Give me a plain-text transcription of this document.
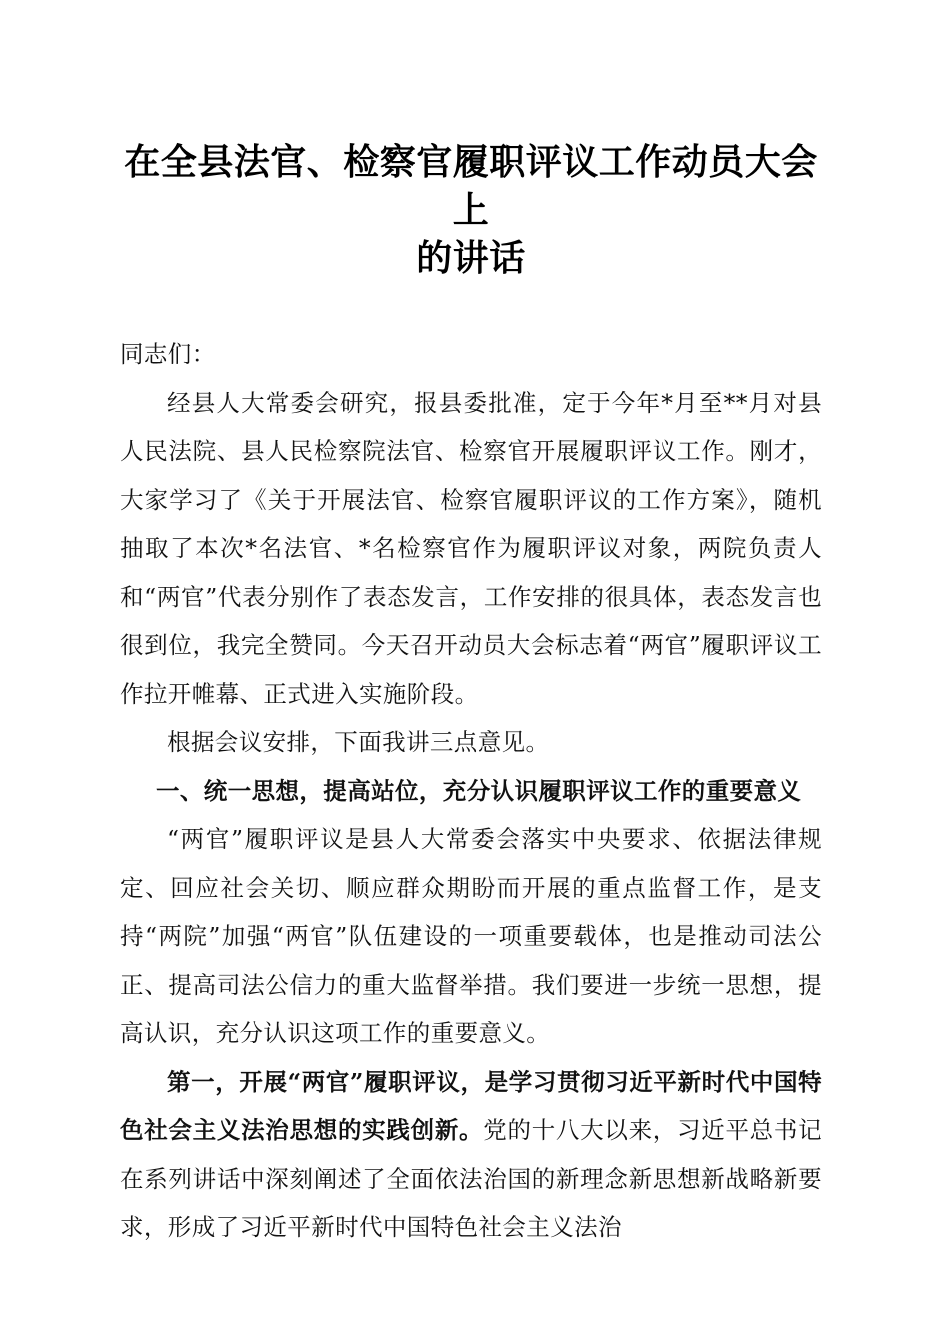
在全县法官、检察官履职评议工作动员大会上
的讲话

同志们：

经县人大常委会研究，报县委批准，定于今年*月至**月对县人民法院、县人民检察院法官、检察官开展履职评议工作。刚才，大家学习了《关于开展法官、检察官履职评议的工作方案》，随机抽取了本次*名法官、*名检察官作为履职评议对象，两院负责人和“两官”代表分别作了表态发言，工作安排的很具体，表态发言也很到位，我完全赞同。今天召开动员大会标志着“两官”履职评议工作拉开帷幕、正式进入实施阶段。

根据会议安排，下面我讲三点意见。

一、统一思想，提高站位，充分认识履职评议工作的重要意义

“两官”履职评议是县人大常委会落实中央要求、依据法律规定、回应社会关切、顺应群众期盼而开展的重点监督工作，是支持“两院”加强“两官”队伍建设的一项重要载体，也是推动司法公正、提高司法公信力的重大监督举措。我们要进一步统一思想，提高认识，充分认识这项工作的重要意义。

第一，开展“两官”履职评议，是学习贯彻习近平新时代中国特色社会主义法治思想的实践创新。党的十八大以来，习近平总书记在系列讲话中深刻阐述了全面依法治国的新理念新思想新战略新要求，形成了习近平新时代中国特色社会主义法治
